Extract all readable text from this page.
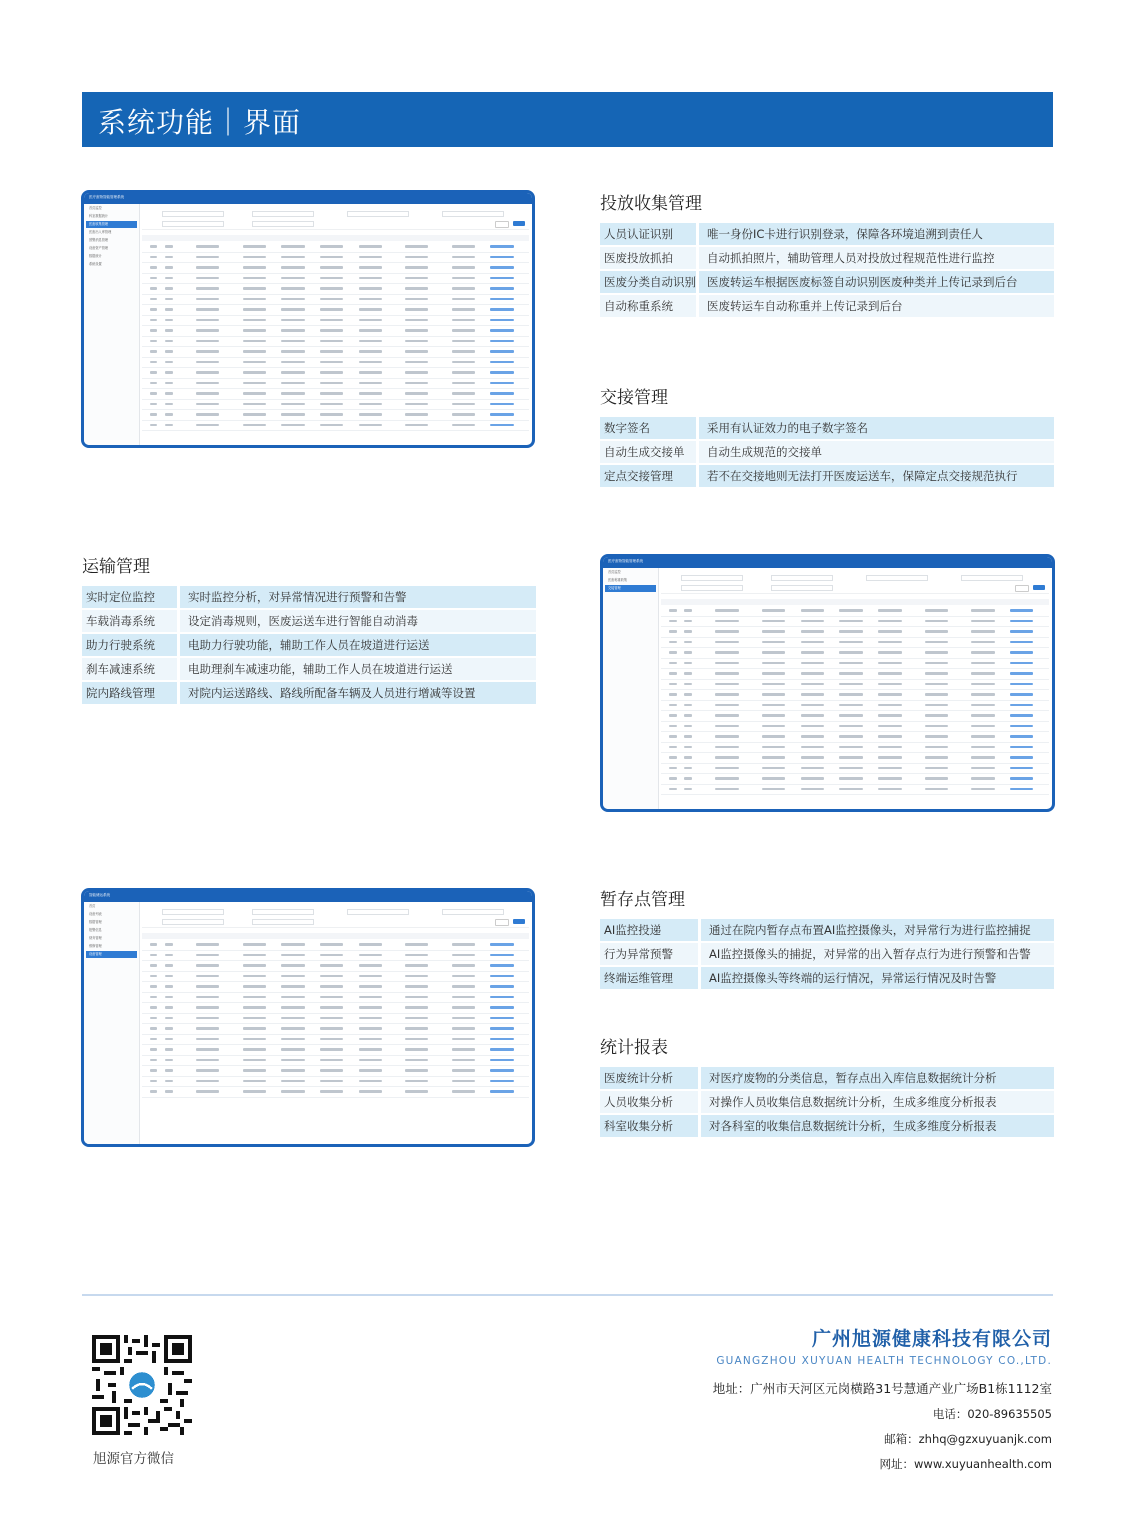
系统功能｜界面
医疗废物智能管理系统
首页监控
科室数据统计
医废收集管理
医废出入库管理
预警消息管理
设备资产管理
数据统计
系统设置
医疗废物智能管理系统
首页监控
医废称重收集
交接管理
智能储运系统
首页
设备列表
数据管理
报警信息
财务管理
维修管理
设备管理
投放收集管理
人员认证识别	唯一身份IC卡进行识别登录，保障各环境追溯到责任人
医废投放抓拍	自动抓拍照片，辅助管理人员对投放过程规范性进行监控
医废分类自动识别 医废转运车根据医废标签自动识别医废种类并上传记录到后台
自动称重系统	医废转运车自动称重并上传记录到后台
交接管理
数字签名	采用有认证效力的电子数字签名
自动生成交接单	自动生成规范的交接单
定点交接管理	若不在交接地则无法打开医废运送车，保障定点交接规范执行
运输管理
实时定位监控	实时监控分析，对异常情况进行预警和告警
车载消毒系统	设定消毒规则，医废运送车进行智能自动消毒
助力行驶系统	电助力行驶功能，辅助工作人员在坡道进行运送
刹车减速系统	电助理刹车减速功能，辅助工作人员在坡道进行运送
院内路线管理	对院内运送路线、路线所配备车辆及人员进行增减等设置
暂存点管理
AI监控投递	通过在院内暂存点布置AI监控摄像头，对异常行为进行监控捕捉
行为异常预警	AI监控摄像头的捕捉，对异常的出入暂存点行为进行预警和告警
终端运维管理	AI监控摄像头等终端的运行情况，异常运行情况及时告警
统计报表
医废统计分析	对医疗废物的分类信息，暂存点出入库信息数据统计分析
人员收集分析	对操作人员收集信息数据统计分析，生成多维度分析报表
科室收集分析	对各科室的收集信息数据统计分析，生成多维度分析报表
旭源官方微信
广州旭源健康科技有限公司
GUANGZHOU XUYUAN HEALTH TECHNOLOGY CO.,LTD.
地址：广州市天河区元岗横路31号慧通产业广场B1栋1112室
电话：020-89635505
邮箱：zhhq@gzxuyuanjk.com
网址：www.xuyuanhealth.com
